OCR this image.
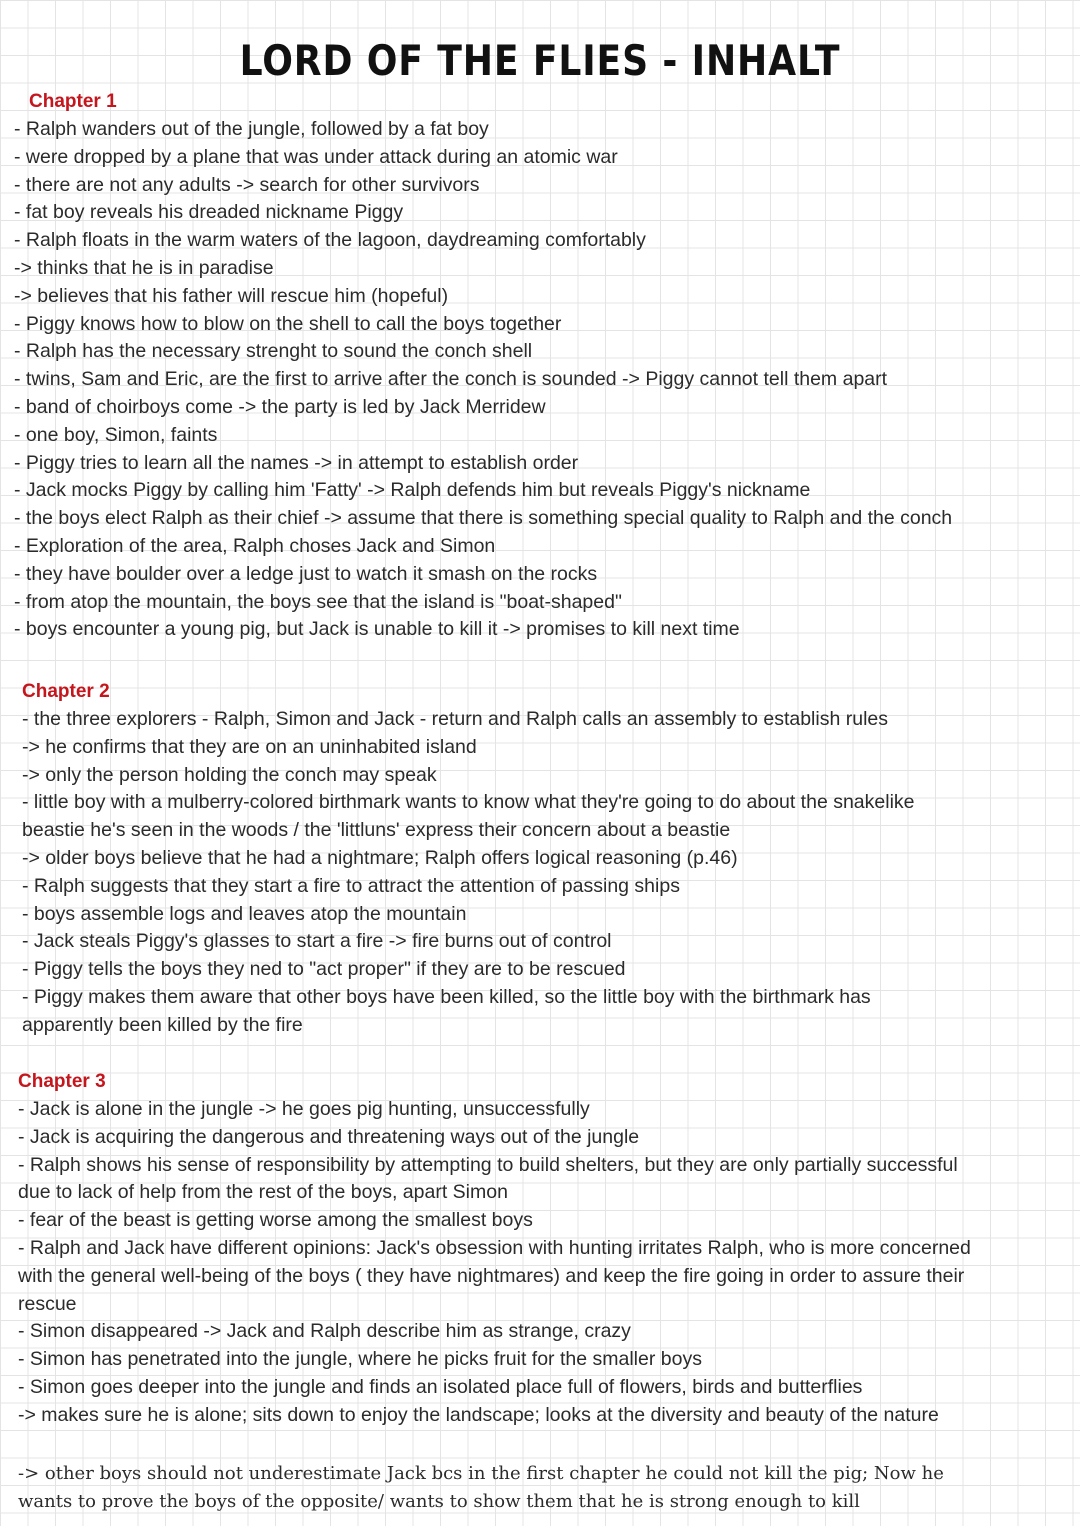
LORD OF THE FLIES - INHALT
Chapter 1

- Ralph wanders out of the jungle, followed by a fat boy

- were dropped by a plane that was under attack during an atomic war

- there are not any adults -> search for other survivors

- fat boy reveals his dreaded nickname Piggy

- Ralph floats in the warm waters of the lagoon, daydreaming comfortably

-> thinks that he is in paradise

-> believes that his father will rescue him (hopeful)

- Piggy knows how to blow on the shell to call the boys together

- Ralph has the necessary strenght to sound the conch shell

- twins, Sam and Eric, are the first to arrive after the conch is sounded -> Piggy cannot tell them apart

- band of choirboys come -> the party is led by Jack Merridew

- one boy, Simon, faints

- Piggy tries to learn all the names -> in attempt to establish order

- Jack mocks Piggy by calling him 'Fatty' -> Ralph defends him but reveals Piggy's nickname

- the boys elect Ralph as their chief -> assume that there is something special quality to Ralph and the conch

- Exploration of the area, Ralph choses Jack and Simon

- they have boulder over a ledge just to watch it smash on the rocks

- from atop the mountain, the boys see that the island is "boat-shaped"

- boys encounter a young pig, but Jack is unable to kill it -> promises to kill next time

Chapter 2

- the three explorers - Ralph, Simon and Jack - return and Ralph calls an assembly to establish rules

-> he confirms that they are on an uninhabited island

-> only the person holding the conch may speak

- little boy with a mulberry-colored birthmark wants to know what they're going to do about the snakelike

beastie he's seen in the woods / the 'littluns' express their concern about a beastie

-> older boys believe that he had a nightmare; Ralph offers logical reasoning (p.46)

- Ralph suggests that they start a fire to attract the attention of passing ships

- boys assemble logs and leaves atop the mountain

- Jack steals Piggy's glasses to start a fire -> fire burns out of control

- Piggy tells the boys they ned to "act proper" if they are to be rescued

- Piggy makes them aware that other boys have been killed, so the little boy with the birthmark has

apparently been killed by the fire

Chapter 3

- Jack is alone in the jungle -> he goes pig hunting, unsuccessfully

- Jack is acquiring the dangerous and threatening ways out of the jungle

- Ralph shows his sense of responsibility by attempting to build shelters, but they are only partially successful

due to lack of help from the rest of the boys, apart Simon

- fear of the beast is getting worse among the smallest boys

- Ralph and Jack have different opinions: Jack's obsession with hunting irritates Ralph, who is more concerned

with the general well-being of the boys ( they have nightmares) and keep the fire going in order to assure their

rescue

- Simon disappeared -> Jack and Ralph describe him as strange, crazy

- Simon has penetrated into the jungle, where he picks fruit for the smaller boys

- Simon goes deeper into the jungle and finds an isolated place full of flowers, birds and butterflies

-> makes sure he is alone; sits down to enjoy the landscape; looks at the diversity and beauty of the nature

-> other boys should not underestimate Jack bcs in the first chapter he could not kill the pig; Now he

wants to prove the boys of the opposite/ wants to show them that he is strong enough to kill
